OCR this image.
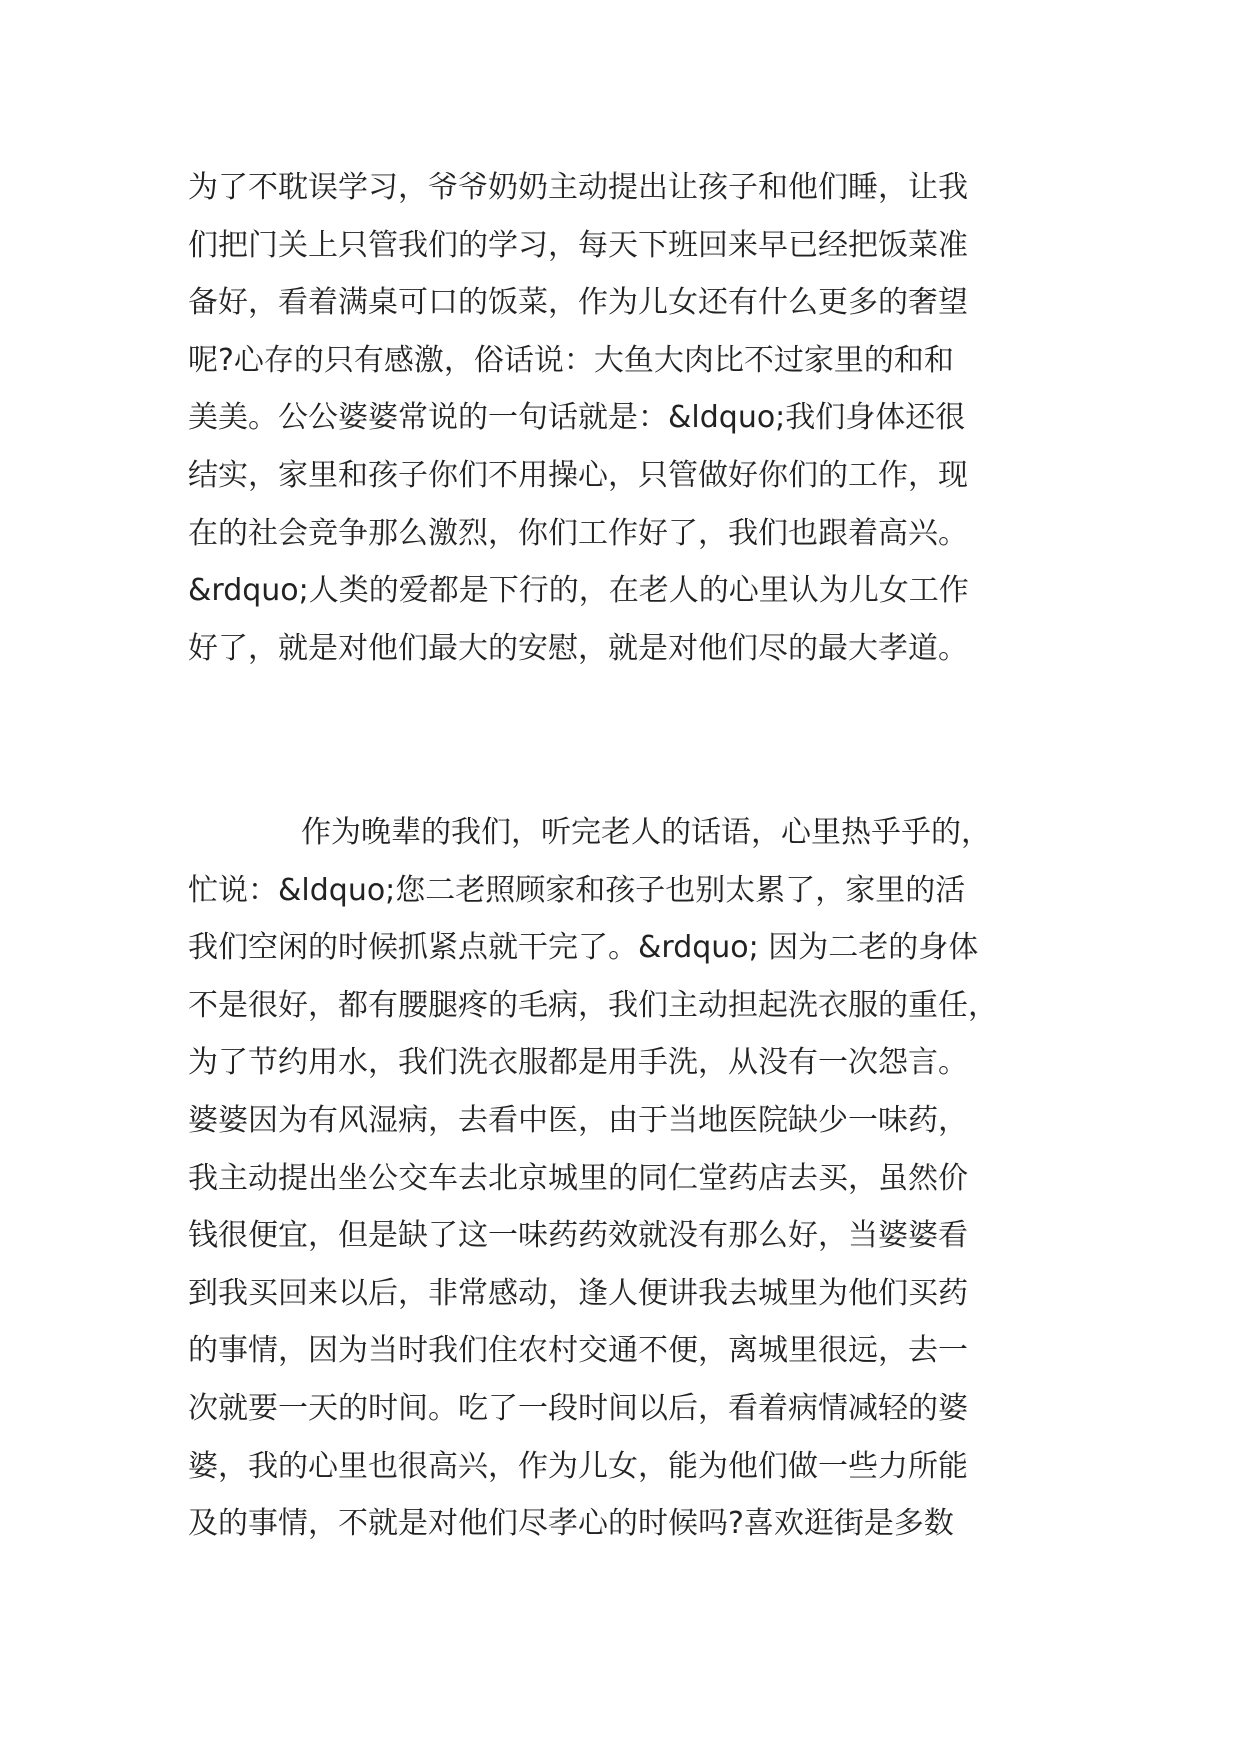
为了不耽误学习，爷爷奶奶主动提出让孩子和他们睡，让我
们把门关上只管我们的学习，每天下班回来早已经把饭菜准
备好，看着满桌可口的饭菜，作为儿女还有什么更多的奢望
呢?心存的只有感激，俗话说：大鱼大肉比不过家里的和和
美美。公公婆婆常说的一句话就是：&ldquo;我们身体还很
结实，家里和孩子你们不用操心，只管做好你们的工作，现
在的社会竞争那么激烈，你们工作好了，我们也跟着高兴。
&rdquo;人类的爱都是下行的，在老人的心里认为儿女工作
好了，就是对他们最大的安慰，就是对他们尽的最大孝道。
作为晚辈的我们，听完老人的话语，心里热乎乎的，
忙说：&ldquo;您二老照顾家和孩子也别太累了，家里的活
我们空闲的时候抓紧点就干完了。&rdquo; 因为二老的身体
不是很好，都有腰腿疼的毛病，我们主动担起洗衣服的重任，
为了节约用水，我们洗衣服都是用手洗，从没有一次怨言。
婆婆因为有风湿病，去看中医，由于当地医院缺少一味药，
我主动提出坐公交车去北京城里的同仁堂药店去买，虽然价
钱很便宜，但是缺了这一味药药效就没有那么好，当婆婆看
到我买回来以后，非常感动，逢人便讲我去城里为他们买药
的事情，因为当时我们住农村交通不便，离城里很远，去一
次就要一天的时间。吃了一段时间以后，看着病情减轻的婆
婆，我的心里也很高兴，作为儿女，能为他们做一些力所能
及的事情，不就是对他们尽孝心的时候吗?喜欢逛街是多数
